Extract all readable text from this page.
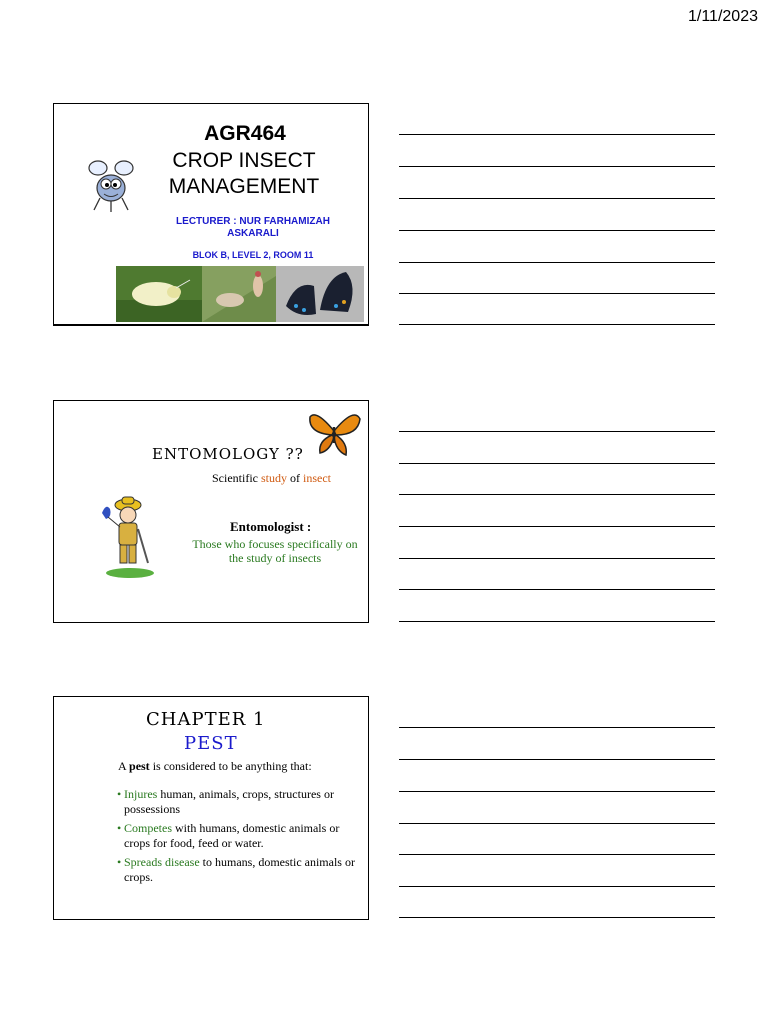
1/11/2023
AGR464
CROP INSECT
MANAGEMENT
LECTURER : NUR FARHAMIZAH ASKARALI
BLOK B, LEVEL 2, ROOM 11
ENTOMOLOGY ??
Scientific study of insect
Entomologist :
Those who focuses specifically on the study of insects
CHAPTER 1
PEST
A pest is considered to be anything that:
• Injures human, animals, crops, structures or possessions
• Competes with humans, domestic animals or crops for food, feed or water.
• Spreads disease to humans, domestic animals or crops.
